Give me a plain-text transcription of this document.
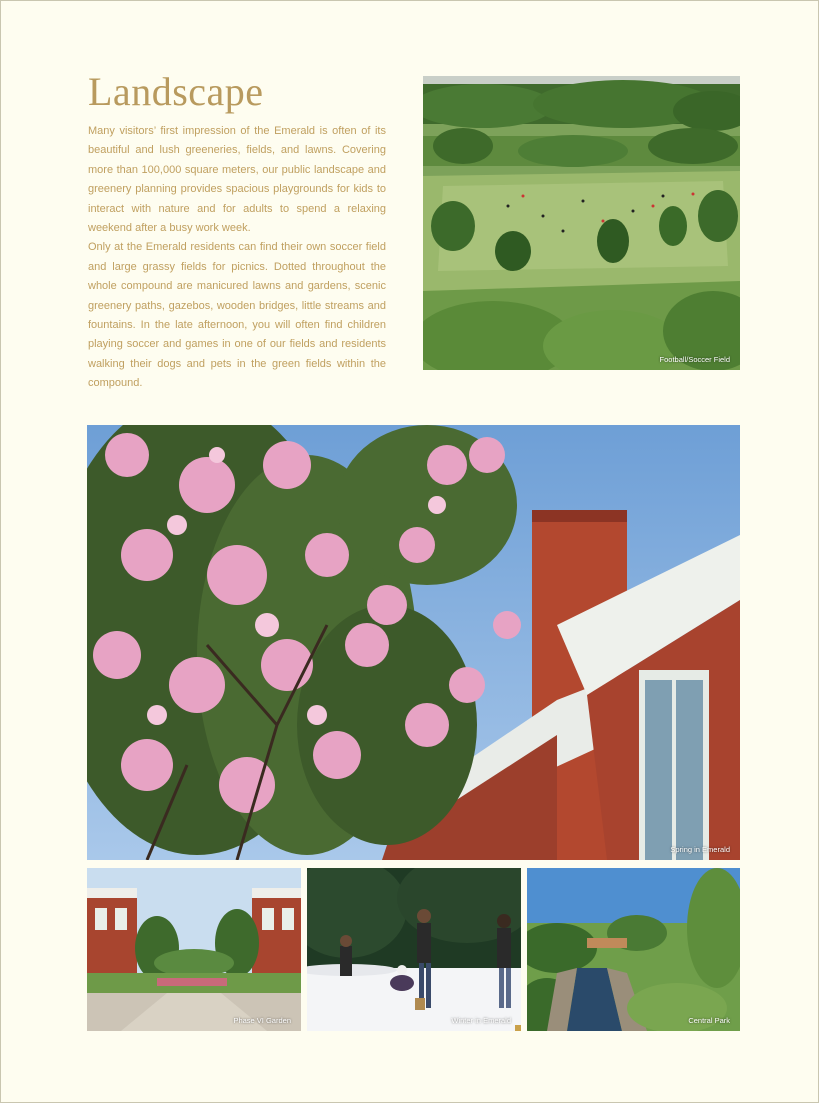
Landscape

Many visitors’ first impression of the Emerald is often of its beautiful and lush greeneries, fields, and lawns. Covering more than 100,000 square meters, our public landscape and greenery planning provides spacious playgrounds for kids to interact with nature and for adults to spend a relaxing weekend after a busy work week.

Only at the Emerald residents can find their own soccer field and large grassy fields for picnics. Dotted throughout the whole compound are manicured lawns and gardens, scenic greenery paths, gazebos, wooden bridges, little streams and fountains. In the late afternoon, you will often find children playing soccer and games in one of our fields and residents walking their dogs and pets in the green fields within the compound.

Football/Soccer Field
Spring in Emerald
Phase VI Garden	Winter in Emerald	Central Park
